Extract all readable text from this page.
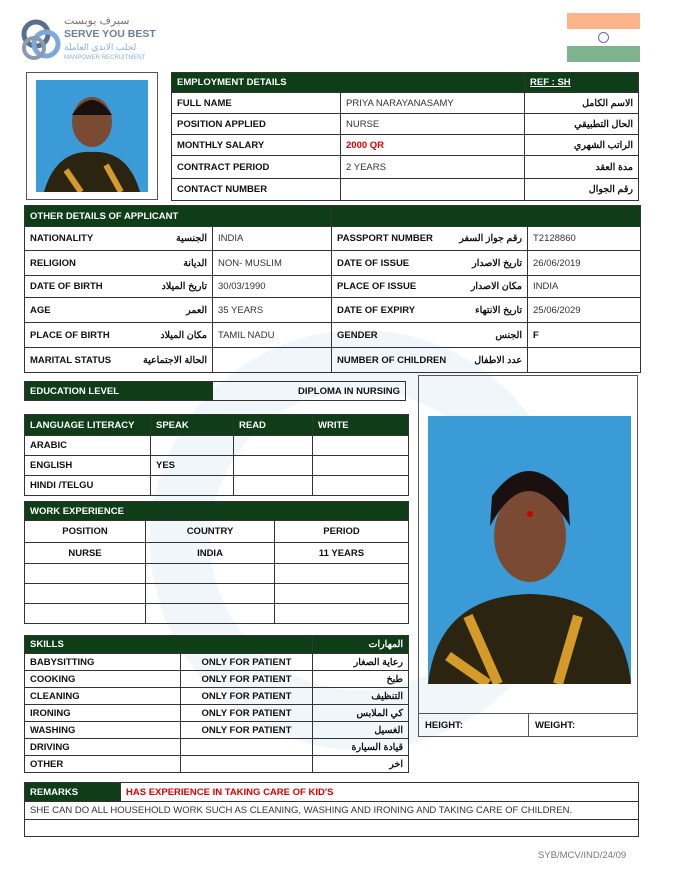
سيرف يوبست
SERVE YOU BEST
لجلب الايدي العاملة
MANPOWER RECRUITMENT
EMPLOYMENT DETAILS		REF : SH
FULL NAME	PRIYA NARAYANASAMY	الاسم الكامل
POSITION APPLIED	NURSE	الحال التطبيقي
MONTHLY SALARY	2000 QR	الراتب الشهري
CONTRACT PERIOD	2 YEARS	مدة العقد
CONTACT NUMBER		رقم الجوال
OTHER DETAILS OF APPLICANT			

NATIONALITY الجنسية	INDIA	PASSPORT NUMBER رقم جواز السفر	T2128860

RELIGION الديانة	NON- MUSLIM	DATE OF ISSUE تاريخ الاصدار	26/06/2019

DATE OF BIRTH تاريخ الميلاد	30/03/1990	PLACE OF ISSUE مكان الاصدار	INDIA

AGE العمر	35 YEARS	DATE OF EXPIRY تاريخ الانتهاء	25/06/2029

PLACE OF BIRTH مكان الميلاد	TAMIL NADU	GENDER الجنس	F

MARITAL STATUS الحالة الاجتماعية		NUMBER OF CHILDREN عدد الاطفال	

EDUCATION LEVEL	DIPLOMA IN NURSING
LANGUAGE LITERACY	SPEAK	READ	WRITE
ARABIC			
ENGLISH	YES		
HINDI /TELGU			
WORK EXPERIENCE		
POSITION	COUNTRY	PERIOD
NURSE	INDIA	11 YEARS

HEIGHT:	WEIGHT:
SKILLS		المهارات
BABYSITTING	ONLY FOR PATIENT	رعاية الصغار
COOKING	ONLY FOR PATIENT	طبخ
CLEANING	ONLY FOR PATIENT	التنظيف
IRONING	ONLY FOR PATIENT	كي الملابس
WASHING	ONLY FOR PATIENT	الغسيل
DRIVING		قيادة السيارة
OTHER		اخر
REMARKS	HAS EXPERIENCE IN TAKING CARE OF KID'S
SHE CAN DO ALL HOUSEHOLD WORK SUCH AS CLEANING, WASHING AND IRONING AND TAKING CARE OF CHILDREN.

SYB/MCV/IND/24/09
